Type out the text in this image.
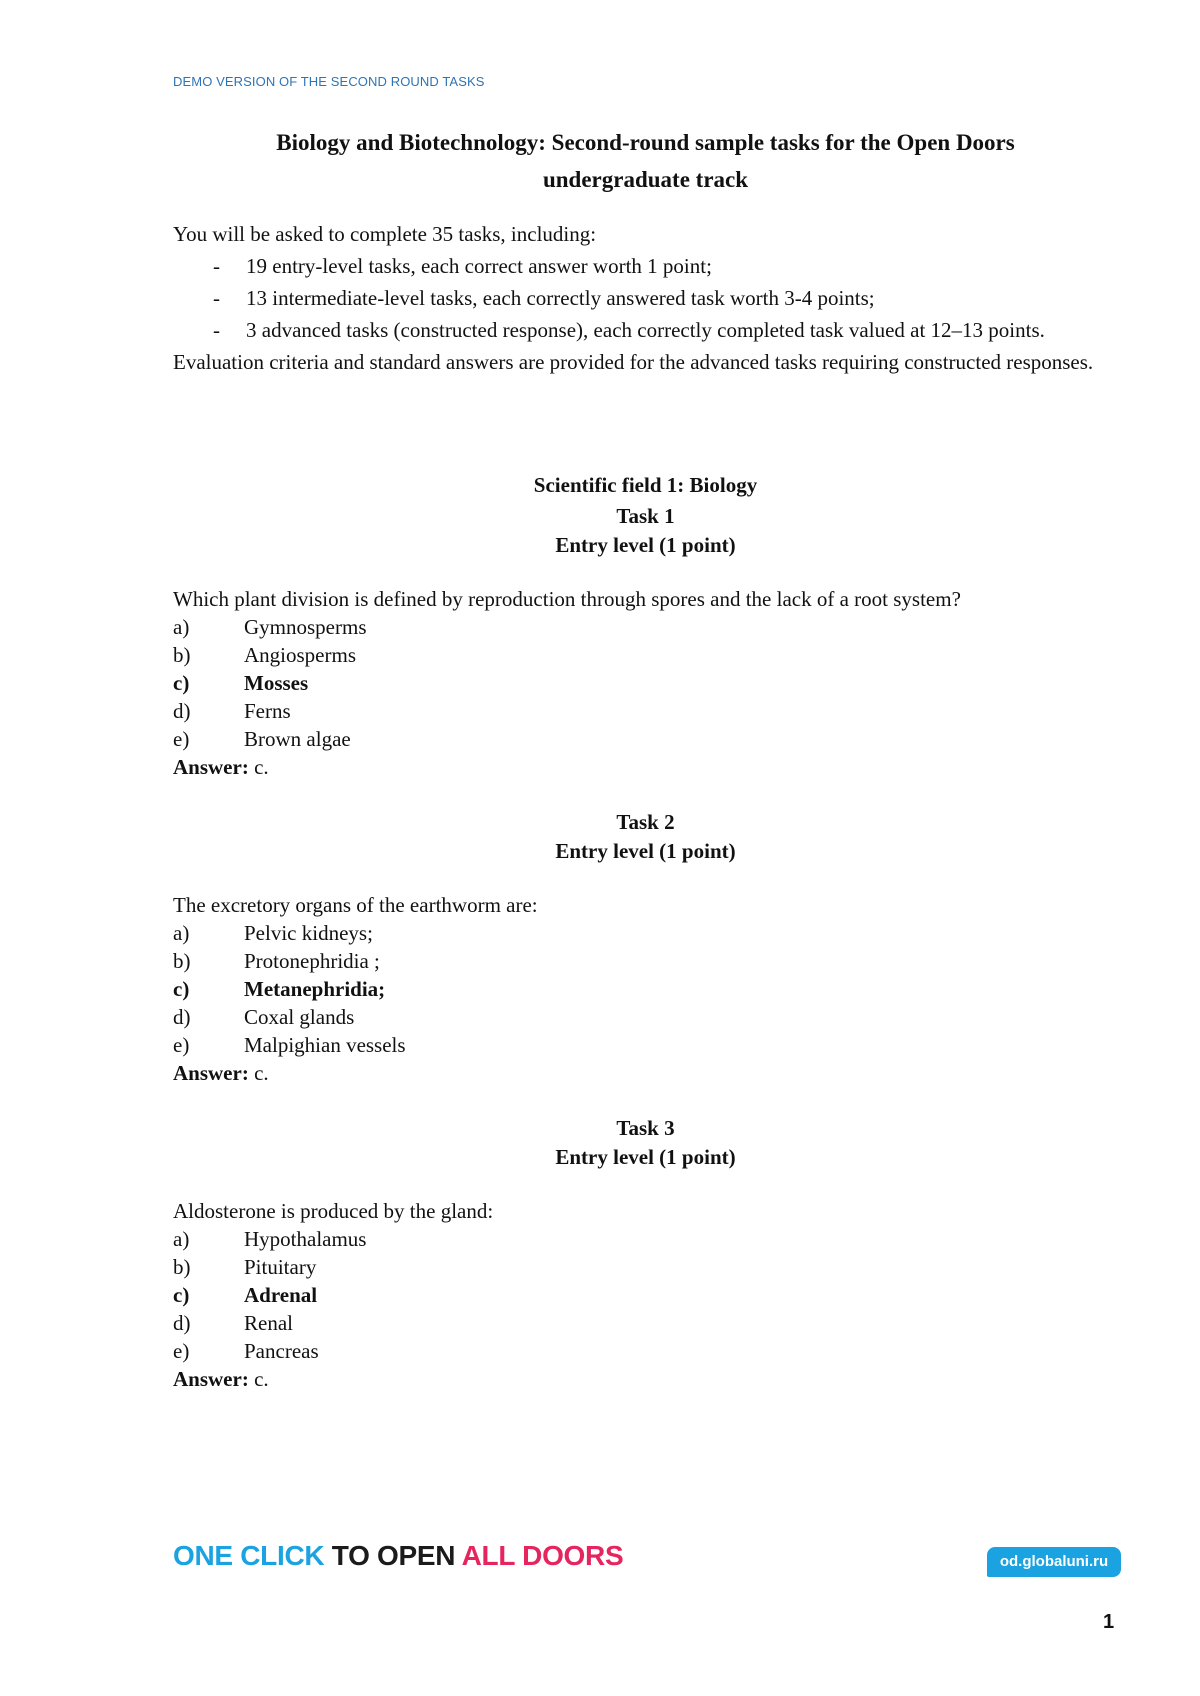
DEMO VERSION OF THE SECOND ROUND TASKS
Biology and Biotechnology: Second-round sample tasks for the Open Doors
undergraduate track

You will be asked to complete 35 tasks, including:

- 19 entry-level tasks, each correct answer worth 1 point;
- 13 intermediate-level tasks, each correctly answered task worth 3-4 points;
- 3 advanced tasks (constructed response), each correctly completed task valued at 12–13 points.

Evaluation criteria and standard answers are provided for the advanced tasks requiring constructed responses.

Scientific field 1: Biology
Task 1
Entry level (1 point)
Which plant division is defined by reproduction through spores and the lack of a root system?
a)	Gymnosperms
b)	Angiosperms
c)	Mosses
d)	Ferns
e)	Brown algae
Answer: c.
Task 2
Entry level (1 point)
The excretory organs of the earthworm are:
a)	Pelvic kidneys;
b)	Protonephridia ;
c)	Metanephridia;
d)	Coxal glands
e)	Malpighian vessels
Answer: c.
Task 3
Entry level (1 point)
Aldosterone is produced by the gland:
a)	Hypothalamus
b)	Pituitary
c)	Adrenal
d)	Renal
e)	Pancreas
Answer: c.
ONE CLICK TO OPEN ALL DOORS	od.globaluni.ru
1
